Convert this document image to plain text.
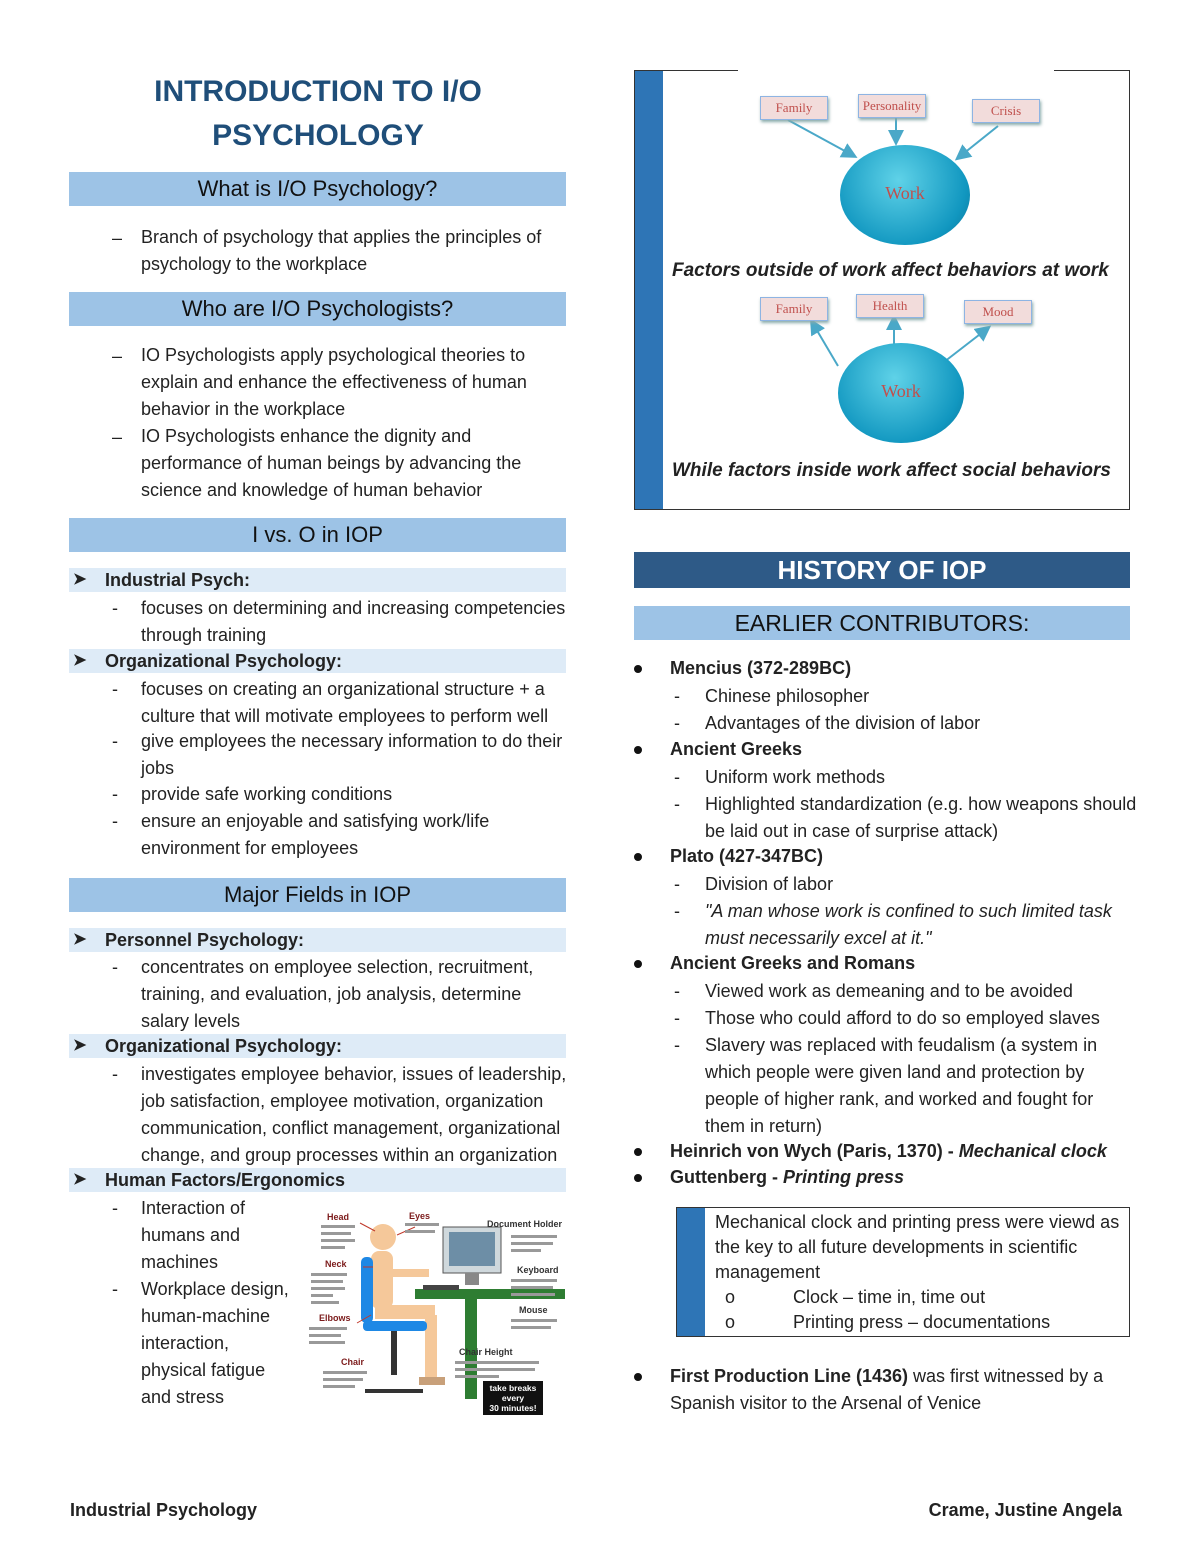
INTRODUCTION TO I/O
PSYCHOLOGY
What is I/O Psychology?
– Branch of psychology that applies the principles of
psychology to the workplace
Who are I/O Psychologists?
– IO Psychologists apply psychological theories to
explain and enhance the effectiveness of human
behavior in the workplace
– IO Psychologists enhance the dignity and
performance of human beings by advancing the
science and knowledge of human behavior
I vs. O in IOP
➤ Industrial Psych:
- focuses on determining and increasing competencies
through training
➤ Organizational Psychology:
- focuses on creating an organizational structure + a
culture that will motivate employees to perform well
- give employees the necessary information to do their
jobs
- provide safe working conditions
- ensure an enjoyable and satisfying work/life
environment for employees
Major Fields in IOP
➤ Personnel Psychology:
- concentrates on employee selection, recruitment,
training, and evaluation, job analysis, determine
salary levels
➤ Organizational Psychology:
- investigates employee behavior, issues of leadership,
job satisfaction, employee motivation, organization
communication, conflict management, organizational
change, and group processes within an organization
➤ Human Factors/Ergonomics
- Interaction of
humans and
machines
- Workplace design,
human-machine
interaction,
physical fatigue
and stress
Head	Eyes
Document Holder
Neck
Keyboard
Mouse
Elbows
Chair
Chair Height
take breaks
every
30 minutes!
Family	Personality	Crisis
Work
Factors outside of work affect behaviors at work
Family	Health	Mood
Work
While factors inside work affect social behaviors
HISTORY OF IOP
EARLIER CONTRIBUTORS:
Mencius (372-289BC)
- Chinese philosopher
- Advantages of the division of labor
Ancient Greeks
- Uniform work methods
- Highlighted standardization (e.g. how weapons should
be laid out in case of surprise attack)
Plato (427-347BC)
- Division of labor
- "A man whose work is confined to such limited task
must necessarily excel at it."
Ancient Greeks and Romans
- Viewed work as demeaning and to be avoided
- Those who could afford to do so employed slaves
- Slavery was replaced with feudalism (a system in
which people were given land and protection by
people of higher rank, and worked and fought for
them in return)
Heinrich von Wych (Paris, 1370) - Mechanical clock
Guttenberg - Printing press
Mechanical clock and printing press were viewd as
the key to all future developments in scientific
management
o	Clock – time in, time out
o	Printing press – documentations
First Production Line (1436) was first witnessed by a
Spanish visitor to the Arsenal of Venice
Industrial Psychology	Crame, Justine Angela
